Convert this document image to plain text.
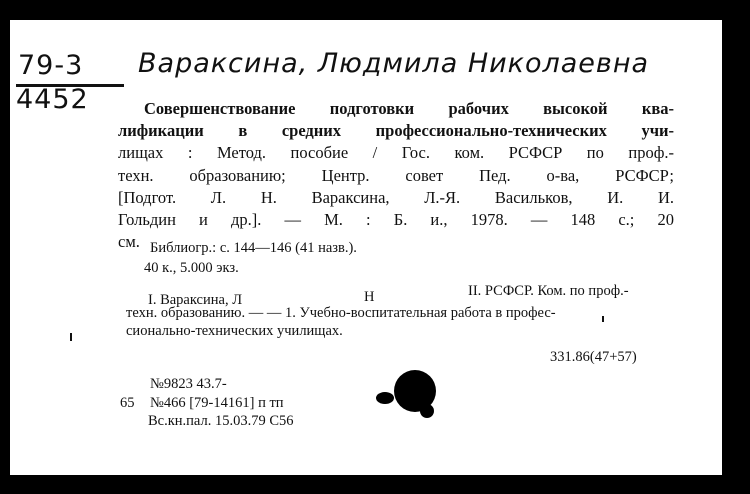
79-3
4452
Вараксина, Людмила Николаевна
Совершенствование подготовки рабочих высокой ква-
лификации в средних профессионально-технических учи-
лищах : Метод. пособие / Гос. ком. РСФСР по проф.-
техн. образованию; Центр. совет Пед. о-ва, РСФСР;
[Подгот. Л. Н. Вараксина, Л.-Я. Васильков, И. И.
Гольдин и др.]. — М. : Б. и., 1978. — 148 с.; 20
см. Библиогр.: с. 144—146 (41 назв.).
40 к., 5.000 экз.
I. Вараксина, Л	Н	II. РСФСР. Ком. по проф.-
техн. образованию. — — 1. Учебно-воспитательная работа в профес-
сионально-технических училищах.
331.86(47+57)
№9823 43.7-
65 №466 [79-14161] п тп
Вс.кн.пал. 15.03.79 С56
